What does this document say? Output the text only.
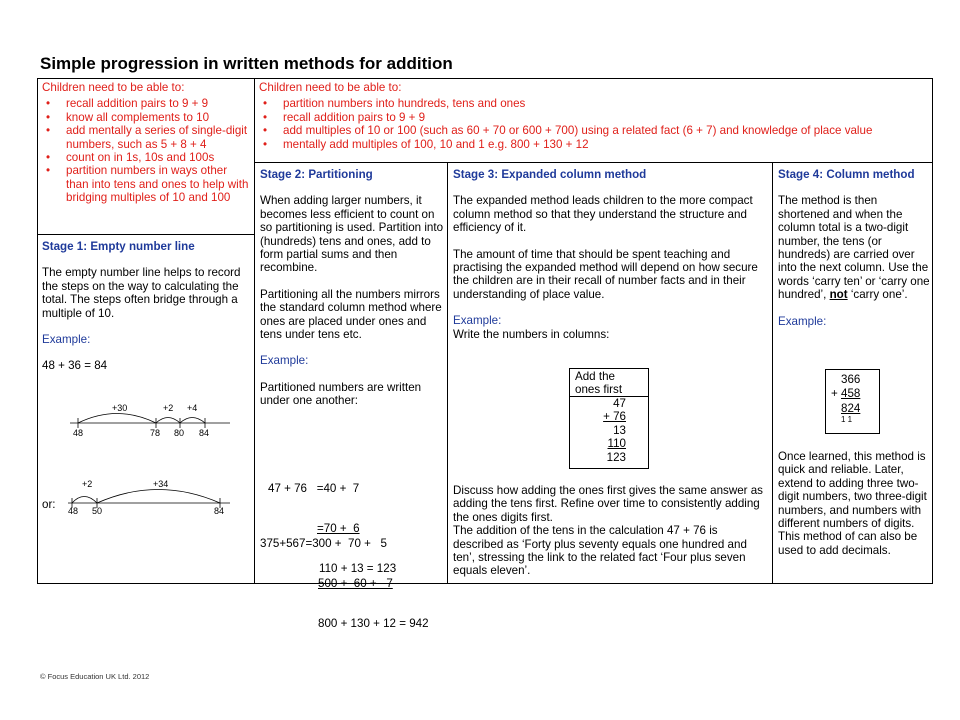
Simple progression in written methods for addition

Children need to be able to:

• recall addition pairs to 9 + 9
• know all complements to 10
• add mentally a series of single-digit numbers, such as 5 + 8 + 4
• count on in 1s, 10s and 100s
• partition numbers in ways other than into tens and ones to help with bridging multiples of 10 and 100

Children need to be able to:

• partition numbers into hundreds, tens and ones
• recall addition pairs to 9 + 9
• add multiples of 10 or 100 (such as 60 + 70 or 600 + 700) using a related fact (6 + 7) and knowledge of place value
• mentally add multiples of 100, 10 and 1 e.g. 800 + 130 + 12

Stage 1: Empty number line

The empty number line helps to record the steps on the way to calculating the total. The steps often bridge through a multiple of 10.

Example:

48 + 36 = 84

+30	+2 +4
48	78 80 84
or:
+2	+34
48 50	84

Stage 2: Partitioning

When adding larger numbers, it becomes less efficient to count on so partitioning is used. Partition into (hundreds) tens and ones, add to form partial sums and then recombine.

Partitioning all the numbers mirrors the standard column method where ones are placed under ones and tens under tens etc.

Example:

Partitioned numbers are written under one another:

47 + 76 =40 +  7

=70 +  6

110 + 13 = 123

375+567=300 +  70 +   5

500 +  60 +   7

800 + 130 + 12 = 942

Stage 3: Expanded column method

The expanded method leads children to the more compact column method so that they understand the structure and efficiency of it.

The amount of time that should be spent teaching and practising the expanded method will depend on how secure the children are in their recall of number facts and in their understanding of place value.

Example:

Write the numbers in columns:

Add the ones first
47
+ 76
13
110
123

Discuss how adding the ones first gives the same answer as adding the tens first. Refine over time to consistently adding the ones digits first.

The addition of the tens in the calculation 47 + 76 is described as ‘Forty plus seventy equals one hundred and ten’, stressing the link to the related fact ‘Four plus seven equals eleven’.

Stage 4: Column method

The method is then shortened and when the column total is a two-digit number, the tens (or hundreds) are carried over into the next column. Use the words ‘carry ten’ or ‘carry one hundred’, not ‘carry one’.

Example:

366
+ 458
824
1 1

Once learned, this method is quick and reliable. Later, extend to adding three two-digit numbers, two three-digit numbers, and numbers with different numbers of digits. This method of can also be used to add decimals.

© Focus Education UK Ltd. 2012
